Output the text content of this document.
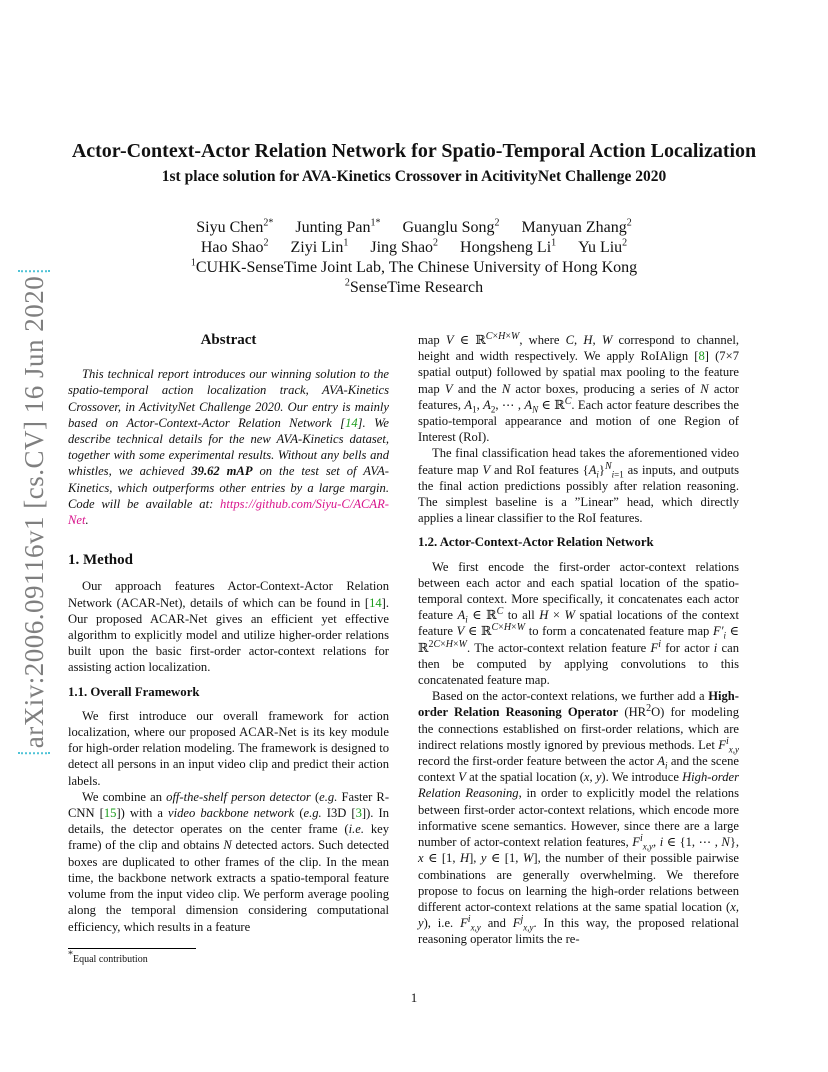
arXiv:2006.09116v1 [cs.CV] 16 Jun 2020
Actor-Context-Actor Relation Network for Spatio-Temporal Action Localization
1st place solution for AVA-Kinetics Crossover in AcitivityNet Challenge 2020
Siyu Chen$^{2*}$ Junting Pan$^{1*}$ Guanglu Song$^2$ Manyuan Zhang$^2$
Hao Shao$^2$ Ziyi Lin$^1$ Jing Shao$^2$ Hongsheng Li$^1$ Yu Liu$^2$
$^1$CUHK-SenseTime Joint Lab, The Chinese University of Hong Kong
$^2$SenseTime Research
Abstract

This technical report introduces our winning solution to the spatio-temporal action localization track, AVA-Kinetics Crossover, in ActivityNet Challenge 2020. Our entry is mainly based on Actor-Context-Actor Relation Network [14]. We describe technical details for the new AVA-Kinetics dataset, together with some experimental results. Without any bells and whistles, we achieved 39.62 mAP on the test set of AVA-Kinetics, which outperforms other entries by a large margin. Code will be available at: https://github.com/Siyu-C/ACAR-Net.

1. Method

Our approach features Actor-Context-Actor Relation Network (ACAR-Net), details of which can be found in [14]. Our proposed ACAR-Net gives an efficient yet effective algorithm to explicitly model and utilize higher-order relations built upon the basic first-order actor-context relations for assisting action localization.

1.1. Overall Framework

We first introduce our overall framework for action localization, where our proposed ACAR-Net is its key module for high-order relation modeling. The framework is designed to detect all persons in an input video clip and predict their action labels.

We combine an off-the-shelf person detector (e.g. Faster R-CNN [15]) with a video backbone network (e.g. I3D [3]). In details, the detector operates on the center frame (i.e. key frame) of the clip and obtains N detected actors. Such detected boxes are duplicated to other frames of the clip. In the mean time, the backbone network extracts a spatio-temporal feature volume from the input video clip. We perform average pooling along the temporal dimension considering computational efficiency, which results in a feature

*Equal contribution

map V ∈ ℝ$^{C\times H\times W}$, where C, H, W correspond to channel, height and width respectively. We apply RoIAlign [8] (7×7 spatial output) followed by spatial max pooling to the feature map V and the N actor boxes, producing a series of N actor features, $A_1$, $A_2$, ⋯ , $A_N$ ∈ ℝ$^C$. Each actor feature describes the spatio-temporal appearance and motion of one Region of Interest (RoI).

The final classification head takes the aforementioned video feature map V and RoI features $\{A_i\}^N_{i=1}$ as inputs, and outputs the final action predictions possibly after relation reasoning. The simplest baseline is a ”Linear” head, which directly applies a linear classifier to the RoI features.

1.2. Actor-Context-Actor Relation Network

We first encode the first-order actor-context relations between each actor and each spatial location of the spatio-temporal context. More specifically, it concatenates each actor feature $A_i$ ∈ ℝ$^C$ to all H × W spatial locations of the context feature V ∈ ℝ$^{C\times H\times W}$ to form a concatenated feature map $F'_i$ ∈ ℝ$^{2C\times H\times W}$. The actor-context relation feature $F^i$ for actor i can then be computed by applying convolutions to this concatenated feature map.

Based on the actor-context relations, we further add a High-order Relation Reasoning Operator $(HR^2O)$ for modeling the connections established on first-order relations, which are indirect relations mostly ignored by previous methods. Let $F^i_{x,y}$ record the first-order feature between the actor $A_i$ and the scene context V at the spatial location (x, y). We introduce High-order Relation Reasoning, in order to explicitly model the relations between first-order actor-context relations, which encode more informative scene semantics. However, since there are a large number of actor-context relation features, $F^i_{x,y}$, i ∈ {1, ⋯ , N}, x ∈ [1, H], y ∈ [1, W], the number of their possible pairwise combinations are generally overwhelming. We therefore propose to focus on learning the high-order relations between different actor-context relations at the same spatial location (x, y), i.e. $F^i_{x,y}$ and $F^j_{x,y}$. In this way, the proposed relational reasoning operator limits the re-

1
